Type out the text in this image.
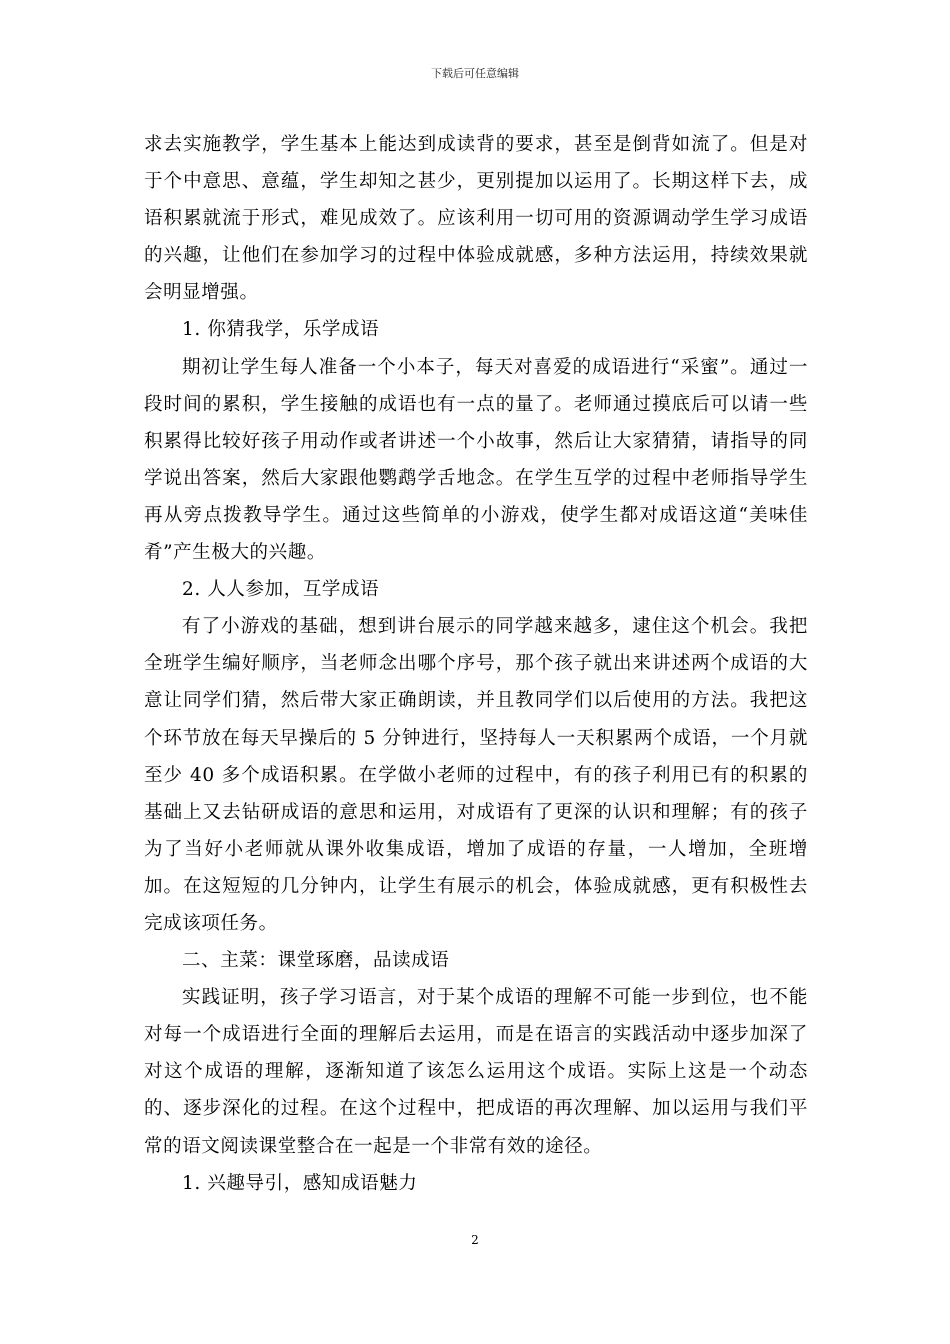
下载后可任意编辑

求去实施教学，学生基本上能达到成读背的要求，甚至是倒背如流了。但是对于个中意思、意蕴，学生却知之甚少，更别提加以运用了。长期这样下去，成语积累就流于形式，难见成效了。应该利用一切可用的资源调动学生学习成语的兴趣，让他们在参加学习的过程中体验成就感，多种方法运用，持续效果就会明显增强。

1. 你猜我学，乐学成语

期初让学生每人准备一个小本子，每天对喜爱的成语进行“采蜜”。通过一段时间的累积，学生接触的成语也有一点的量了。老师通过摸底后可以请一些积累得比较好孩子用动作或者讲述一个小故事，然后让大家猜猜，请指导的同学说出答案，然后大家跟他鹦鹉学舌地念。在学生互学的过程中老师指导学生再从旁点拨教导学生。通过这些简单的小游戏，使学生都对成语这道“美味佳肴”产生极大的兴趣。

2. 人人参加，互学成语

有了小游戏的基础，想到讲台展示的同学越来越多，逮住这个机会。我把全班学生编好顺序，当老师念出哪个序号，那个孩子就出来讲述两个成语的大意让同学们猜，然后带大家正确朗读，并且教同学们以后使用的方法。我把这个环节放在每天早操后的 5 分钟进行，坚持每人一天积累两个成语，一个月就至少 40 多个成语积累。在学做小老师的过程中，有的孩子利用已有的积累的基础上又去钻研成语的意思和运用，对成语有了更深的认识和理解；有的孩子为了当好小老师就从课外收集成语，增加了成语的存量，一人增加，全班增加。在这短短的几分钟内，让学生有展示的机会，体验成就感，更有积极性去完成该项任务。

二、主菜：课堂琢磨，品读成语

实践证明，孩子学习语言，对于某个成语的理解不可能一步到位，也不能对每一个成语进行全面的理解后去运用，而是在语言的实践活动中逐步加深了对这个成语的理解，逐渐知道了该怎么运用这个成语。实际上这是一个动态的、逐步深化的过程。在这个过程中，把成语的再次理解、加以运用与我们平常的语文阅读课堂整合在一起是一个非常有效的途径。

1. 兴趣导引，感知成语魅力

2
